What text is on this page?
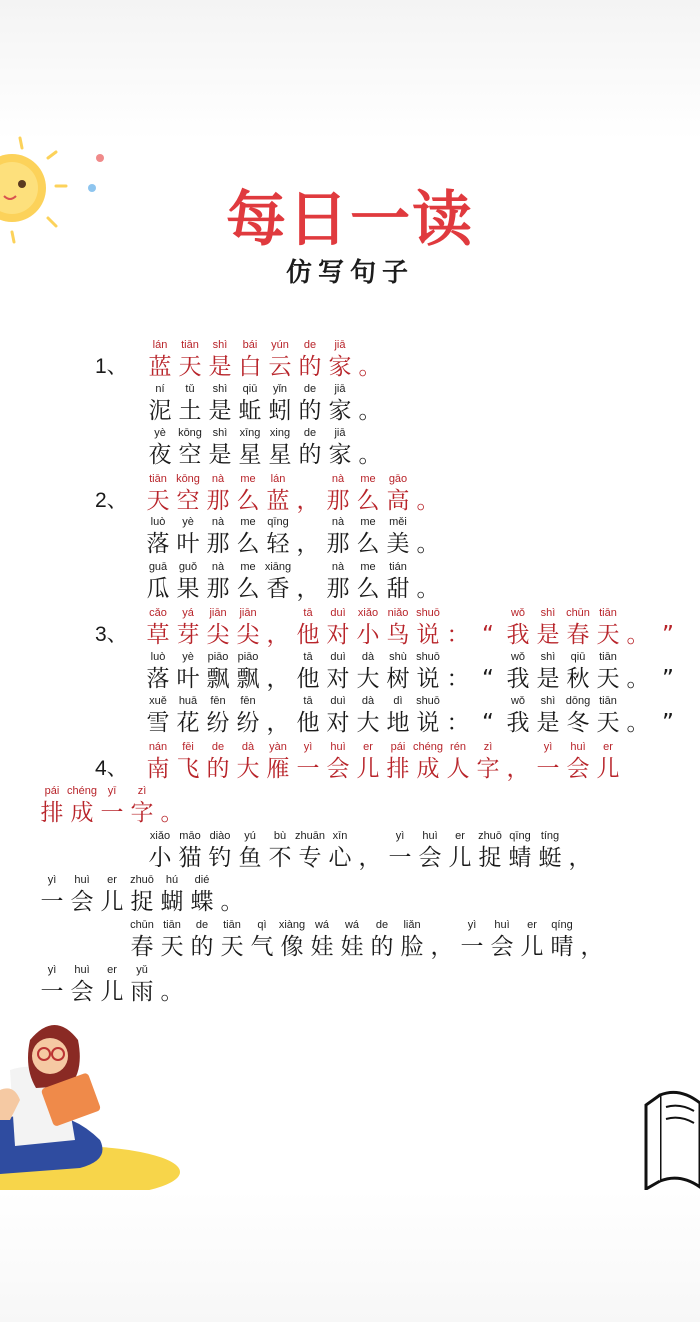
每日一读
仿写句子
1、
2、
3、
4、
lán
蓝
tiān
天
shì
是
bái
白
yún
云
de
的
jiā
家 。
ní
泥
tǔ
土
shì
是
qiū
蚯
yǐn
蚓
de
的
jiā
家 。
yè
夜
kōng
空
shì
是
xīng
星
xing
星
de
的
jiā
家 。
tiān
天
kōng
空
nà
那
me
么
lán
蓝 ，
nà
那
me
么
gāo
高 。
luò
落
yè
叶
nà
那
me
么
qīng
轻 ，
nà
那
me
么
měi
美 。
guā
瓜
guǒ
果
nà
那
me
么
xiāng
香 ，
nà
那
me
么
tián
甜 。
cǎo
草
yá
芽
jiān
尖
jiān
尖 ，
tā
他
duì
对
xiǎo
小
niǎo
鸟
shuō
说 ： “
wǒ
我
shì
是
chūn
春
tiān
天 。 ”
luò
落
yè
叶
piāo
飘
piāo
飘 ，
tā
他
duì
对
dà
大
shù
树
shuō
说 ： “
wǒ
我
shì
是
qiū
秋
tiān
天 。 ”
xuě
雪
huā
花
fēn
纷
fēn
纷 ，
tā
他
duì
对
dà
大
dì
地
shuō
说 ： “
wǒ
我
shì
是
dōng
冬
tiān
天 。 ”
nán
南
fēi
飞
de
的
dà
大
yàn
雁
yì
一
huì
会
er
儿
pái
排
chéng
成
rén
人
zì
字 ，
yì
一
huì
会
er
儿
pái
排
chéng
成
yī
一
zì
字 。
xiǎo
小
māo
猫
diào
钓
yú
鱼
bù
不
zhuān
专
xīn
心 ，
yì
一
huì
会
er
儿
zhuō
捉
qīng
蜻
tíng
蜓 ，
yì
一
huì
会
er
儿
zhuō
捉
hú
蝴
dié
蝶 。
chūn
春
tiān
天
de
的
tiān
天
qì
气
xiàng
像
wá
娃
wá
娃
de
的
liǎn
脸 ，
yì
一
huì
会
er
儿
qíng
晴 ，
yì
一
huì
会
er
儿
yǔ
雨 。
